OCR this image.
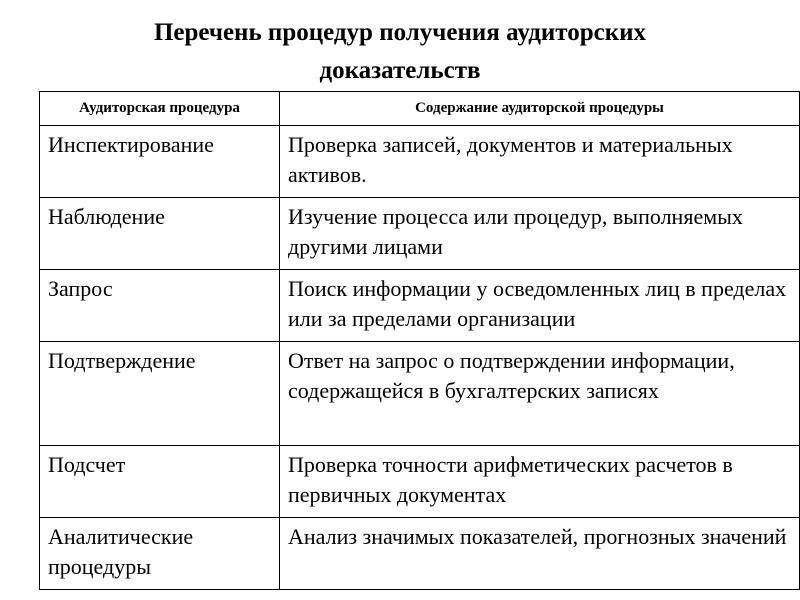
Перечень процедур получения аудиторских
доказательств
Аудиторская процедура	Содержание аудиторской процедуры
Инспектирование	Проверка записей, документов и материальных активов.
Наблюдение	Изучение процесса или процедур, выполняемых другими лицами
Запрос	Поиск информации у осведомленных лиц в пределах или за пределами организации
Подтверждение	Ответ на запрос о подтверждении информации, содержащейся в бухгалтерских записях
Подсчет	Проверка точности арифметических расчетов в первичных документах
Аналитические процедуры	Анализ значимых показателей, прогнозных значений
